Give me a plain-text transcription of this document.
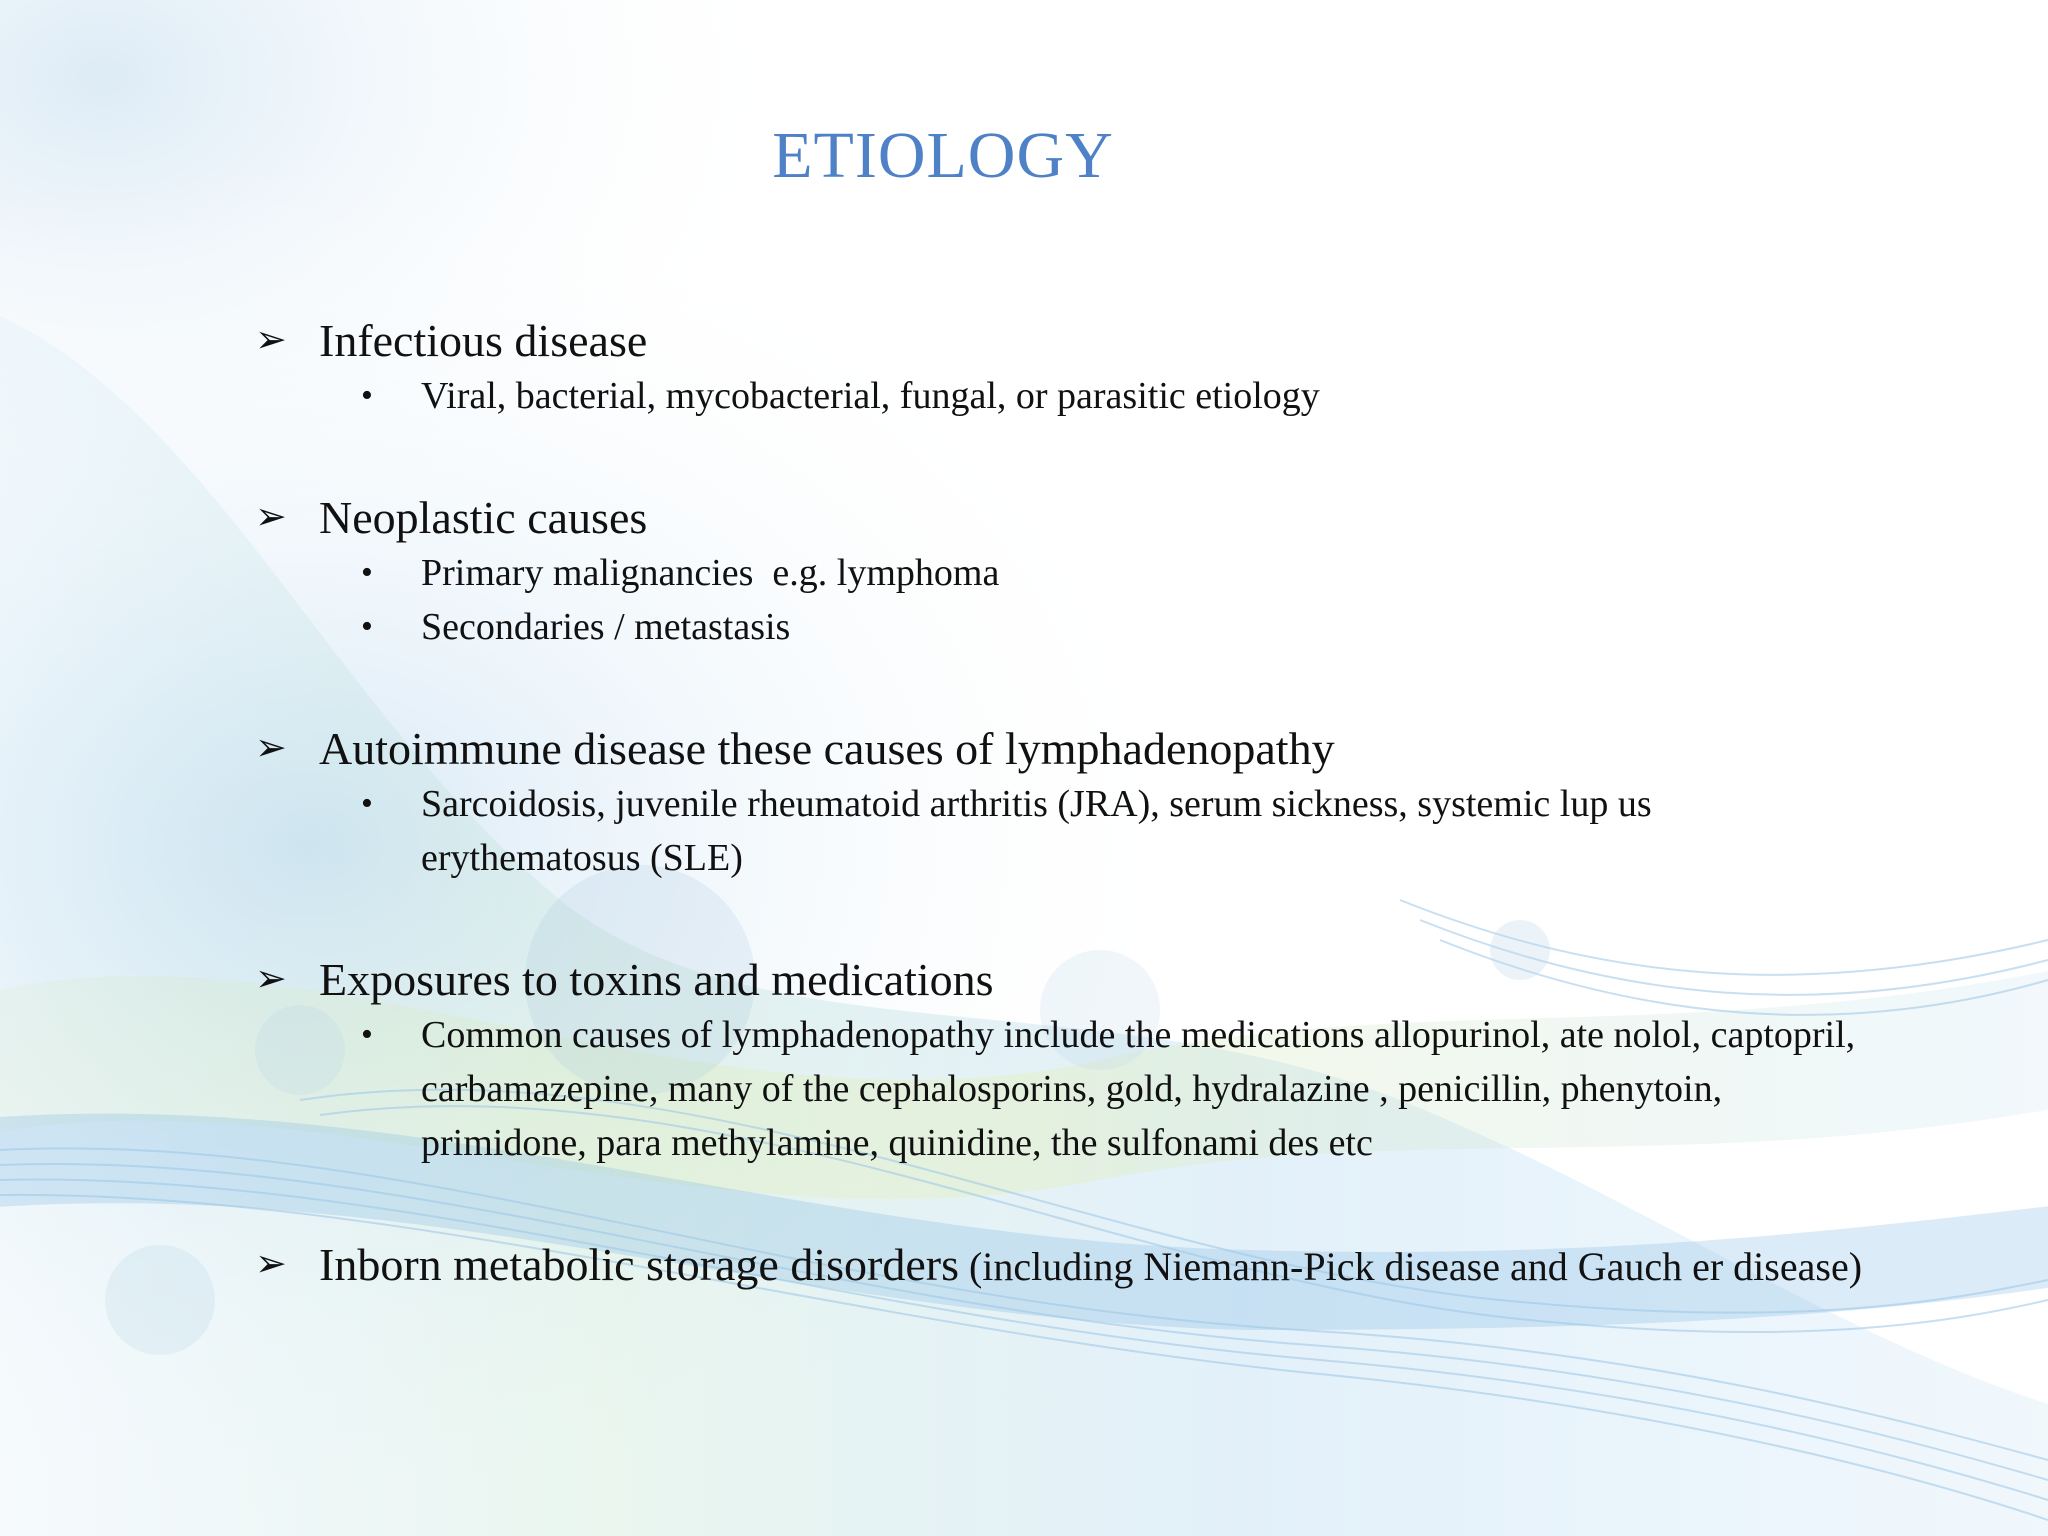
ETIOLOGY
➢ Infectious disease
• Viral, bacterial, mycobacterial, fungal, or parasitic etiology
➢ Neoplastic causes
• Primary malignancies  e.g. lymphoma
• Secondaries / metastasis
➢ Autoimmune disease these causes of lymphadenopathy
• Sarcoidosis, juvenile rheumatoid arthritis (JRA), serum sickness, systemic lup us erythematosus (SLE)
➢ Exposures to toxins and medications
• Common causes of lymphadenopathy include the medications allopurinol, ate nolol, captopril, carbamazepine, many of the cephalosporins, gold, hydralazine , penicillin, phenytoin, primidone, para methylamine, quinidine, the sulfonami des etc
➢ Inborn metabolic storage disorders (including Niemann-Pick disease and Gauch er disease)
